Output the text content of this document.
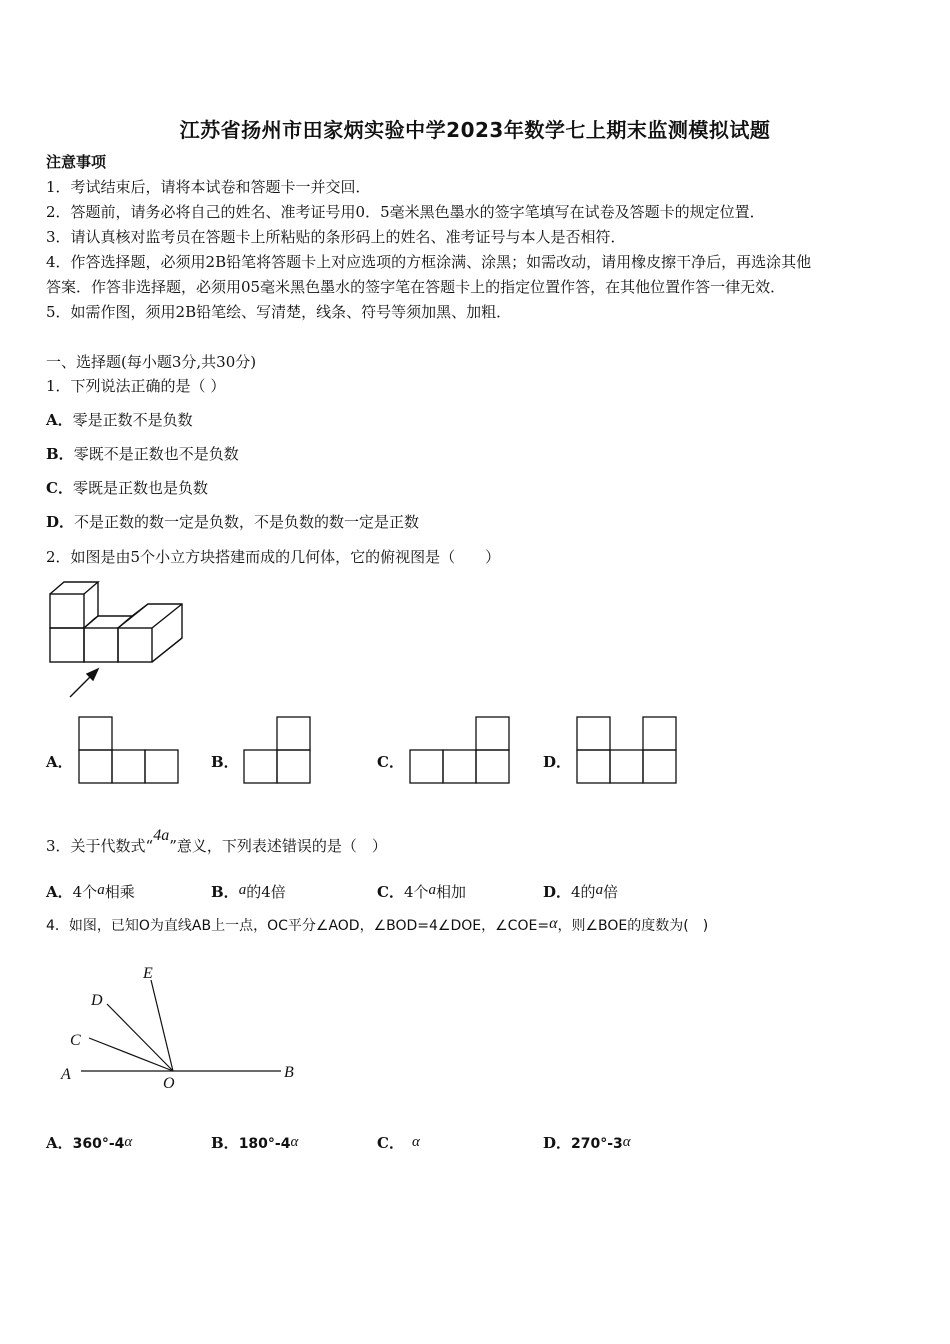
江苏省扬州市田家炳实验中学2023年数学七上期末监测模拟试题
注意事项
1．考试结束后，请将本试卷和答题卡一并交回．
2．答题前，请务必将自己的姓名、准考证号用0．5毫米黑色墨水的签字笔填写在试卷及答题卡的规定位置．
3．请认真核对监考员在答题卡上所粘贴的条形码上的姓名、准考证号与本人是否相符．
4．作答选择题，必须用2B铅笔将答题卡上对应选项的方框涂满、涂黑；如需改动，请用橡皮擦干净后，再选涂其他
答案．作答非选择题，必须用05毫米黑色墨水的签字笔在答题卡上的指定位置作答，在其他位置作答一律无效．
5．如需作图，须用2B铅笔绘、写清楚，线条、符号等须加黑、加粗．
一、选择题(每小题3分,共30分)
1．下列说法正确的是（ ）
A．零是正数不是负数
B．零既不是正数也不是负数
C．零既是正数也是负数
D．不是正数的数一定是负数，不是负数的数一定是正数
2．如图是由5个小立方块搭建而成的几何体，它的俯视图是（　　）
A．	B．	C．	D．
3．关于代数式“4a”意义，下列表述错误的是（　）
A．4个a相乘	B．a的4倍	C．4个a相加	D．4的a倍
4．如图，已知O为直线AB上一点，OC平分∠AOD，∠BOD=4∠DOE，∠COE=α，则∠BOE的度数为(　)
E
D
C
A
O
B
A．360°-4α	B．180°-4α	C． α	D．270°-3α
